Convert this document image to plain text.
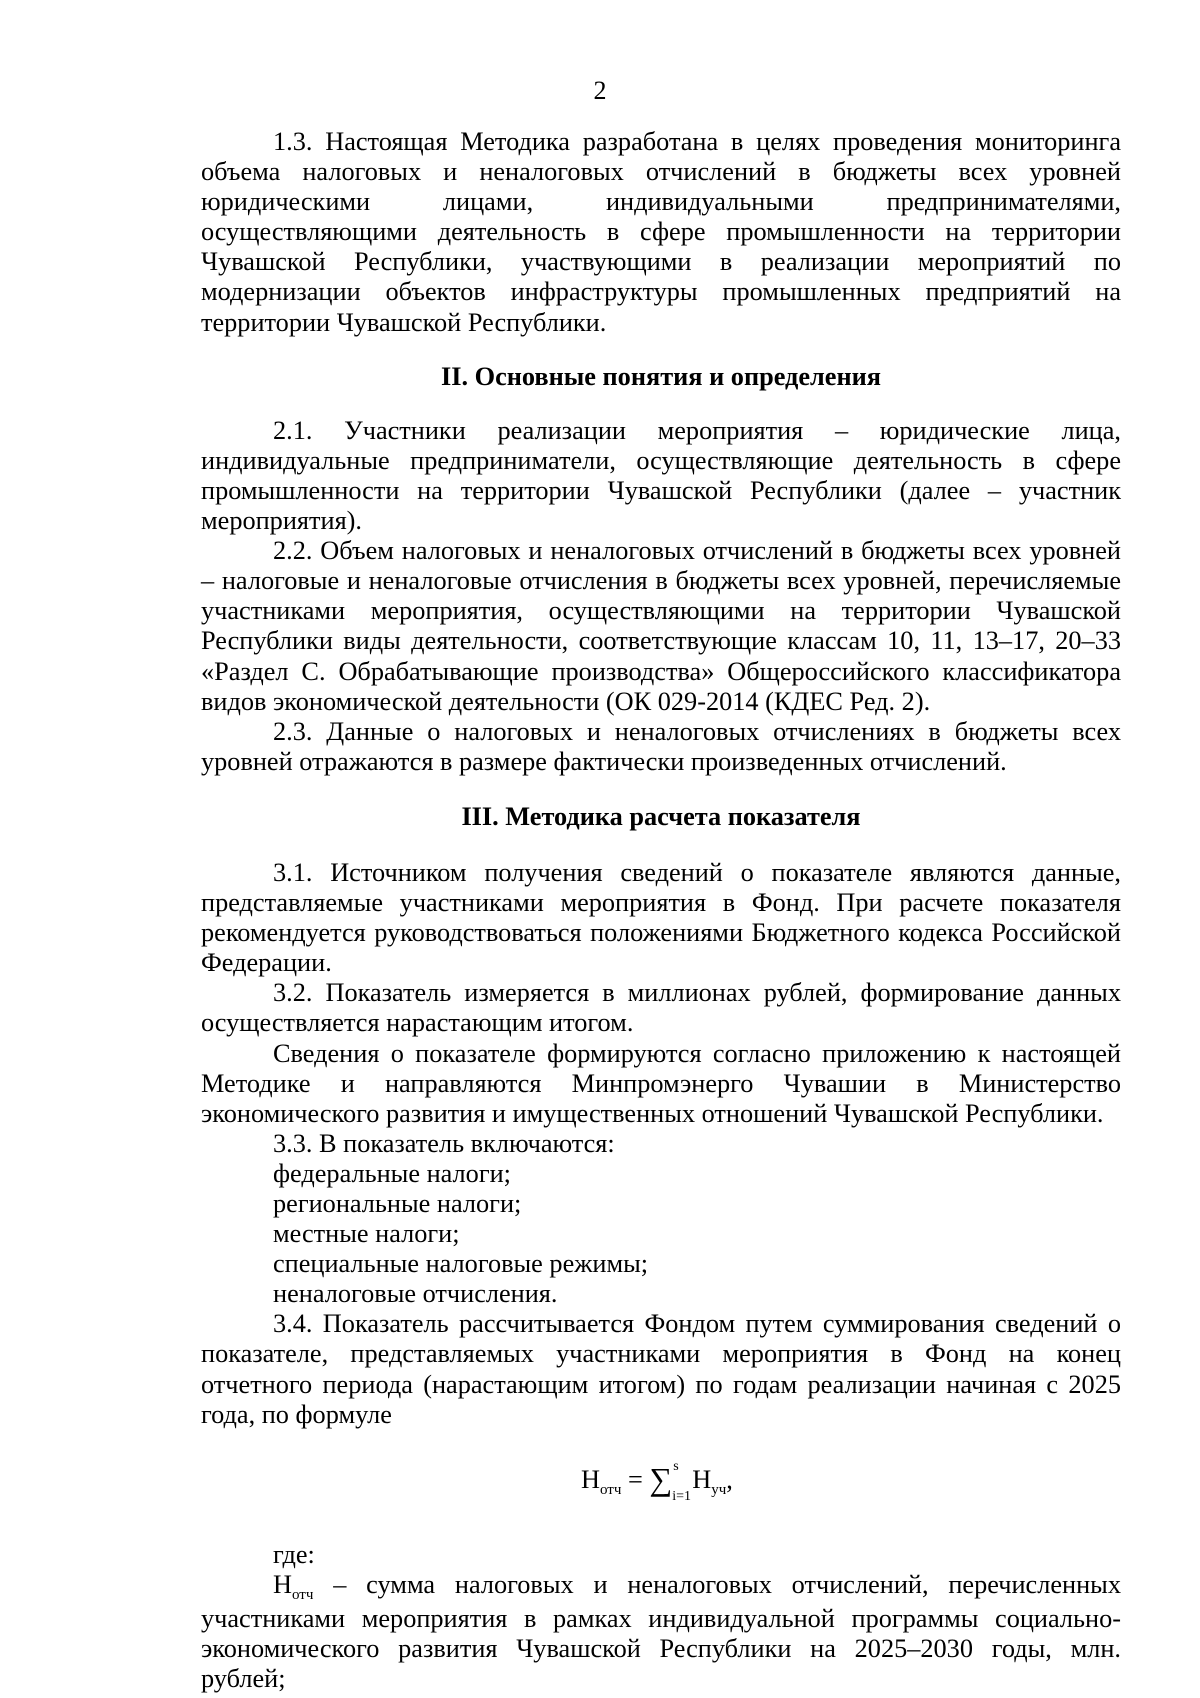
2

1.3. Настоящая Методика разработана в целях проведения мониторинга объема налоговых и неналоговых отчислений в бюджеты всех уровней юридическими лицами, индивидуальными предпринимателями, осуществляющими деятельность в сфере промышленности на территории Чувашской Республики, участвующими в реализации мероприятий по модернизации объектов инфраструктуры промышленных предприятий на территории Чувашской Республики.

II. Основные понятия и определения

2.1. Участники реализации мероприятия – юридические лица, индивидуальные предприниматели, осуществляющие деятельность в сфере промышленности на территории Чувашской Республики (далее – участник мероприятия).

2.2. Объем налоговых и неналоговых отчислений в бюджеты всех уровней – налоговые и неналоговые отчисления в бюджеты всех уровней, перечисляемые участниками мероприятия, осуществляющими на территории Чувашской Республики виды деятельности, соответствующие классам 10, 11, 13–17, 20–33 «Раздел C. Обрабатывающие производства» Общероссийского классификатора видов экономической деятельности (ОК 029-2014 (КДЕС Ред. 2).

2.3. Данные о налоговых и неналоговых отчислениях в бюджеты всех уровней отражаются в размере фактически произведенных отчислений.

III. Методика расчета показателя

3.1. Источником получения сведений о показателе являются данные, представляемые участниками мероприятия в Фонд. При расчете показателя рекомендуется руководствоваться положениями Бюджетного кодекса Российской Федерации.

3.2. Показатель измеряется в миллионах рублей, формирование данных осуществляется нарастающим итогом.

Сведения о показателе формируются согласно приложению к настоящей Методике и направляются Минпромэнерго Чувашии в Министерство экономического развития и имущественных отношений Чувашской Республики.

3.3. В показатель включаются:

федеральные налоги;

региональные налоги;

местные налоги;

специальные налоговые режимы;

неналоговые отчисления.

3.4. Показатель рассчитывается Фондом путем суммирования сведений о показателе, представляемых участниками мероприятия в Фонд на конец отчетного периода (нарастающим итогом) по годам реализации начиная с 2025 года, по формуле

$Н_{отч}$ = ∑ s
i=1
$Н_{уч}$,

где:

$Н_{отч}$ – сумма налоговых и неналоговых отчислений, перечисленных участниками мероприятия в рамках индивидуальной программы социально-экономического развития Чувашской Республики на 2025–2030 годы, млн. рублей;
